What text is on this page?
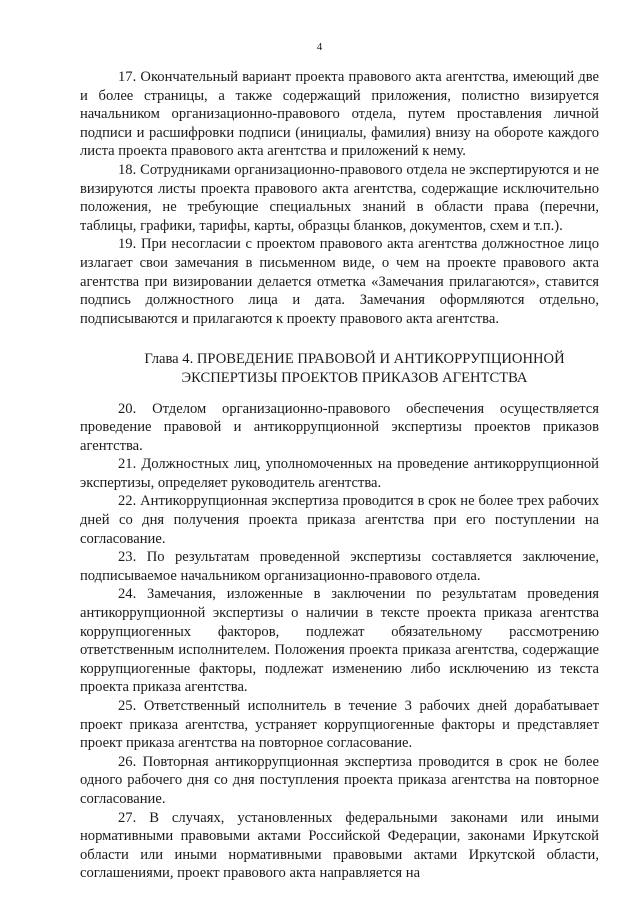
4

17. Окончательный вариант проекта правового акта агентства, имеющий две и более страницы, а также содержащий приложения, полистно визируется начальником организационно-правового отдела, путем проставления личной подписи и расшифровки подписи (инициалы, фамилия) внизу на обороте каждого листа проекта правового акта агентства и приложений к нему.

18. Сотрудниками организационно-правового отдела не экспертируются и не визируются листы проекта правового акта агентства, содержащие исключительно положения, не требующие специальных знаний в области права (перечни, таблицы, графики, тарифы, карты, образцы бланков, документов, схем и т.п.).

19. При несогласии с проектом правового акта агентства должностное лицо излагает свои замечания в письменном виде, о чем на проекте правового акта агентства при визировании делается отметка «Замечания прилагаются», ставится подпись должностного лица и дата. Замечания оформляются отдельно, подписываются и прилагаются к проекту правового акта агентства.

Глава 4. ПРОВЕДЕНИЕ ПРАВОВОЙ И АНТИКОРРУПЦИОННОЙ
ЭКСПЕРТИЗЫ ПРОЕКТОВ ПРИКАЗОВ АГЕНТСТВА

20. Отделом организационно-правового обеспечения осуществляется проведение правовой и антикоррупционной экспертизы проектов приказов агентства.

21. Должностных лиц, уполномоченных на проведение антикоррупционной экспертизы, определяет руководитель агентства.

22. Антикоррупционная экспертиза проводится в срок не более трех рабочих дней со дня получения проекта приказа агентства при его поступлении на согласование.

23. По результатам проведенной экспертизы составляется заключение, подписываемое начальником организационно-правового отдела.

24. Замечания, изложенные в заключении по результатам проведения антикоррупционной экспертизы о наличии в тексте проекта приказа агентства коррупциогенных факторов, подлежат обязательному рассмотрению ответственным исполнителем. Положения проекта приказа агентства, содержащие коррупциогенные факторы, подлежат изменению либо исключению из текста проекта приказа агентства.

25. Ответственный исполнитель в течение 3 рабочих дней дорабатывает проект приказа агентства, устраняет коррупциогенные факторы и представляет проект приказа агентства на повторное согласование.

26. Повторная антикоррупционная экспертиза проводится в срок не более одного рабочего дня со дня поступления проекта приказа агентства на повторное согласование.

27. В случаях, установленных федеральными законами или иными нормативными правовыми актами Российской Федерации, законами Иркутской области или иными нормативными правовыми актами Иркутской области, соглашениями, проект правового акта направляется на
